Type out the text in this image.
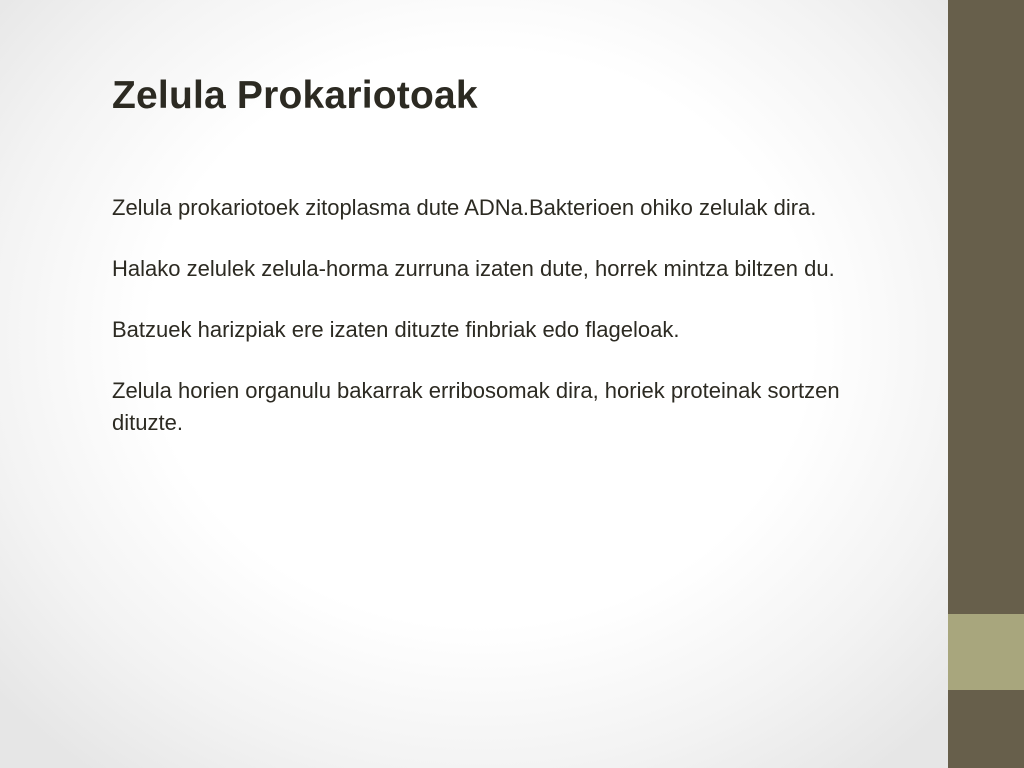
Zelula Prokariotoak

Zelula prokariotoek zitoplasma dute ADNa.Bakterioen ohiko zelulak dira.

Halako zelulek zelula-horma zurruna izaten dute, horrek mintza biltzen du.

Batzuek harizpiak ere izaten dituzte finbriak edo flageloak.

Zelula horien organulu bakarrak erribosomak dira, horiek proteinak sortzen dituzte.
